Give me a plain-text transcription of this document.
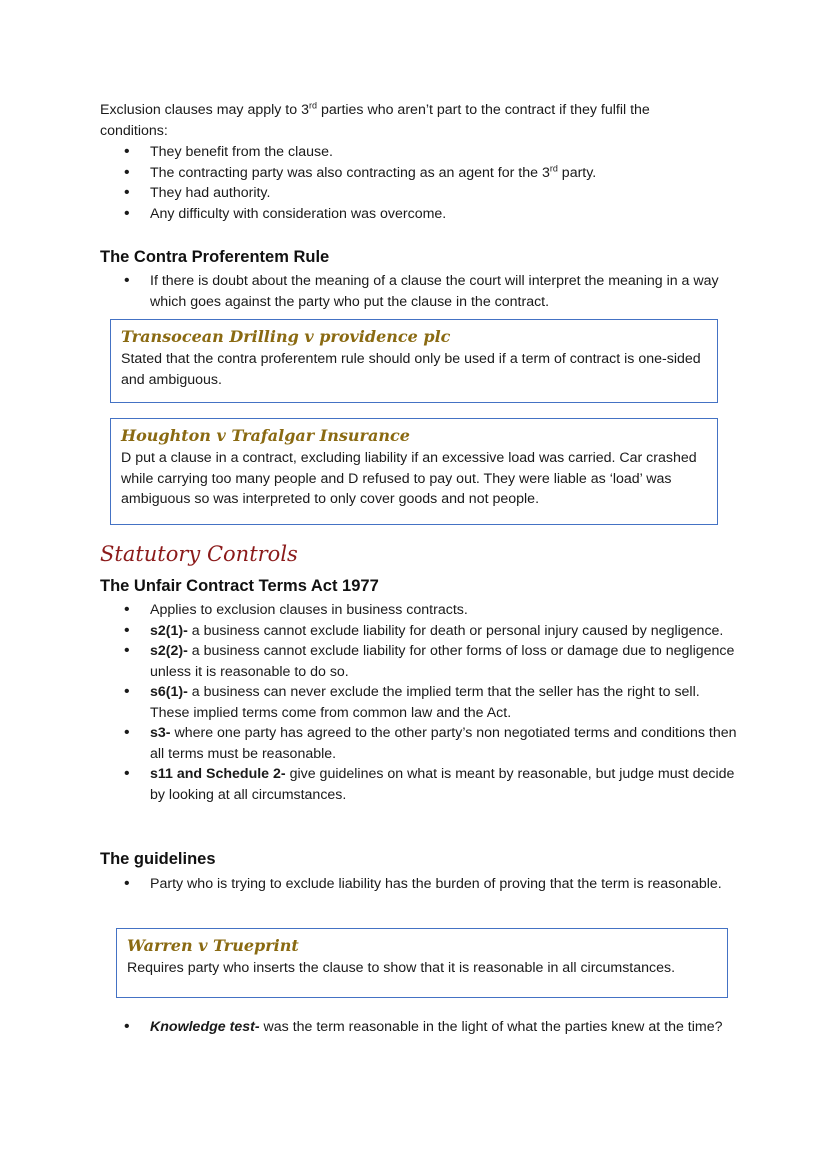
Exclusion clauses may apply to 3rd parties who aren’t part to the contract if they fulfil the conditions:
• They benefit from the clause.
• The contracting party was also contracting as an agent for the 3rd party.
• They had authority.
• Any difficulty with consideration was overcome.
The Contra Proferentem Rule
• If there is doubt about the meaning of a clause the court will interpret the meaning in a way which goes against the party who put the clause in the contract.
Transocean Drilling v providence plc
Stated that the contra proferentem rule should only be used if a term of contract is one-sided and ambiguous.
Houghton v Trafalgar Insurance
D put a clause in a contract, excluding liability if an excessive load was carried. Car crashed while carrying too many people and D refused to pay out. They were liable as ‘load’ was ambiguous so was interpreted to only cover goods and not people.
Statutory Controls
The Unfair Contract Terms Act 1977
• Applies to exclusion clauses in business contracts.
• s2(1)- a business cannot exclude liability for death or personal injury caused by negligence.
• s2(2)- a business cannot exclude liability for other forms of loss or damage due to negligence unless it is reasonable to do so.
• s6(1)- a business can never exclude the implied term that the seller has the right to sell. These implied terms come from common law and the Act.
• s3- where one party has agreed to the other party’s non negotiated terms and conditions then all terms must be reasonable.
• s11 and Schedule 2- give guidelines on what is meant by reasonable, but judge must decide by looking at all circumstances.
The guidelines
• Party who is trying to exclude liability has the burden of proving that the term is reasonable.
Warren v Trueprint
Requires party who inserts the clause to show that it is reasonable in all circumstances.
• Knowledge test- was the term reasonable in the light of what the parties knew at the time?
